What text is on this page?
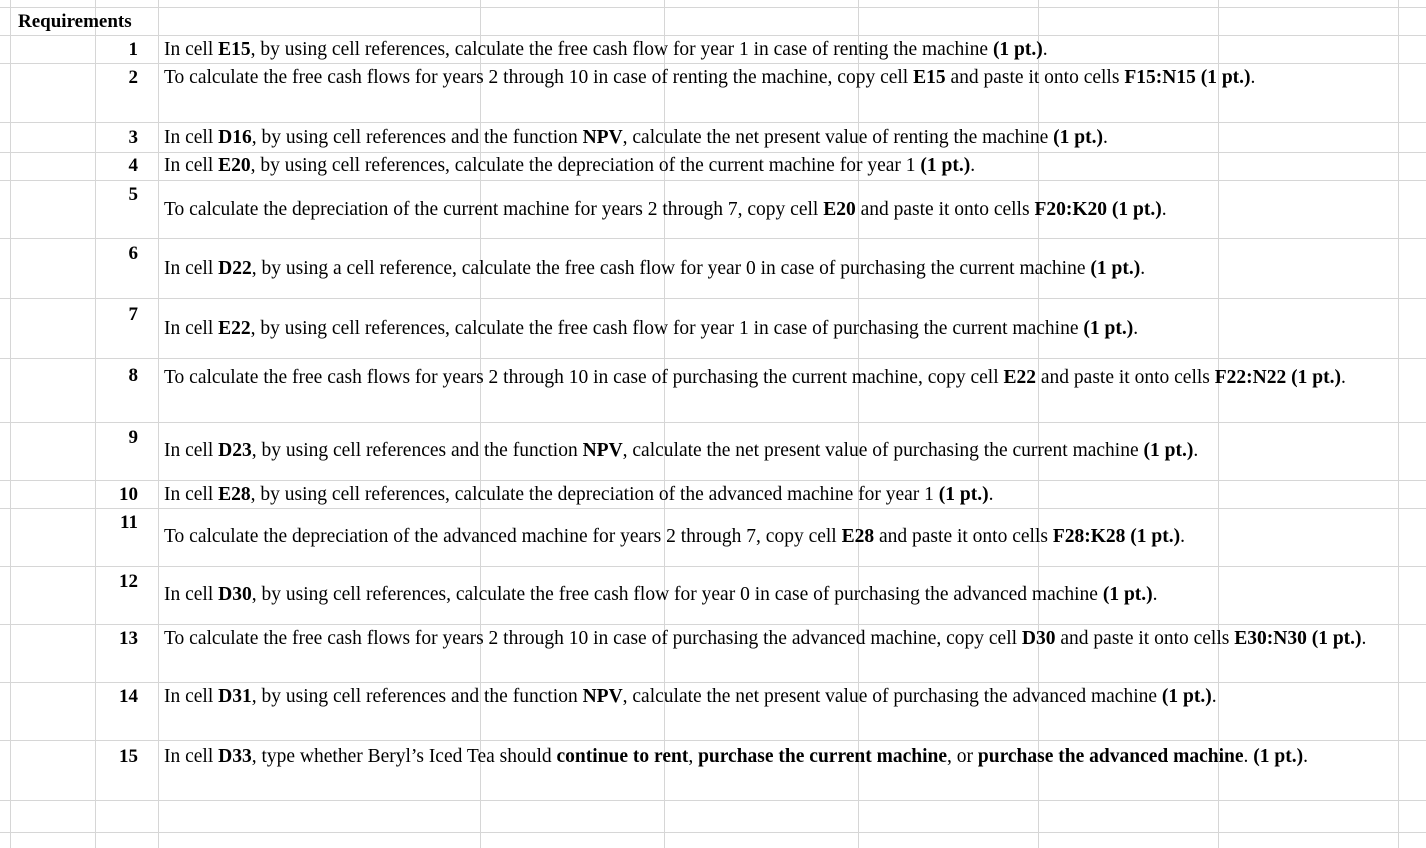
Requirements
1 In cell E15, by using cell references, calculate the free cash flow for year 1 in case of renting the machine (1 pt.).
2 To calculate the free cash flows for years 2 through 10 in case of renting the machine, copy cell E15 and paste it onto cells F15:N15 (1 pt.).
3 In cell D16, by using cell references and the function NPV, calculate the net present value of renting the machine (1 pt.).
4 In cell E20, by using cell references, calculate the depreciation of the current machine for year 1 (1 pt.).
5
To calculate the depreciation of the current machine for years 2 through 7, copy cell E20 and paste it onto cells F20:K20 (1 pt.).
6
In cell D22, by using a cell reference, calculate the free cash flow for year 0 in case of purchasing the current machine (1 pt.).
7
In cell E22, by using cell references, calculate the free cash flow for year 1 in case of purchasing the current machine (1 pt.).
8 To calculate the free cash flows for years 2 through 10 in case of purchasing the current machine, copy cell E22 and paste it onto cells F22:N22 (1 pt.).
9
In cell D23, by using cell references and the function NPV, calculate the net present value of purchasing the current machine (1 pt.).
10 In cell E28, by using cell references, calculate the depreciation of the advanced machine for year 1 (1 pt.).
11
To calculate the depreciation of the advanced machine for years 2 through 7, copy cell E28 and paste it onto cells F28:K28 (1 pt.).
12
In cell D30, by using cell references, calculate the free cash flow for year 0 in case of purchasing the advanced machine (1 pt.).
13 To calculate the free cash flows for years 2 through 10 in case of purchasing the advanced machine, copy cell D30 and paste it onto cells E30:N30 (1 pt.).
14 In cell D31, by using cell references and the function NPV, calculate the net present value of purchasing the advanced machine (1 pt.).
15 In cell D33, type whether Beryl’s Iced Tea should continue to rent, purchase the current machine, or purchase the advanced machine. (1 pt.).
